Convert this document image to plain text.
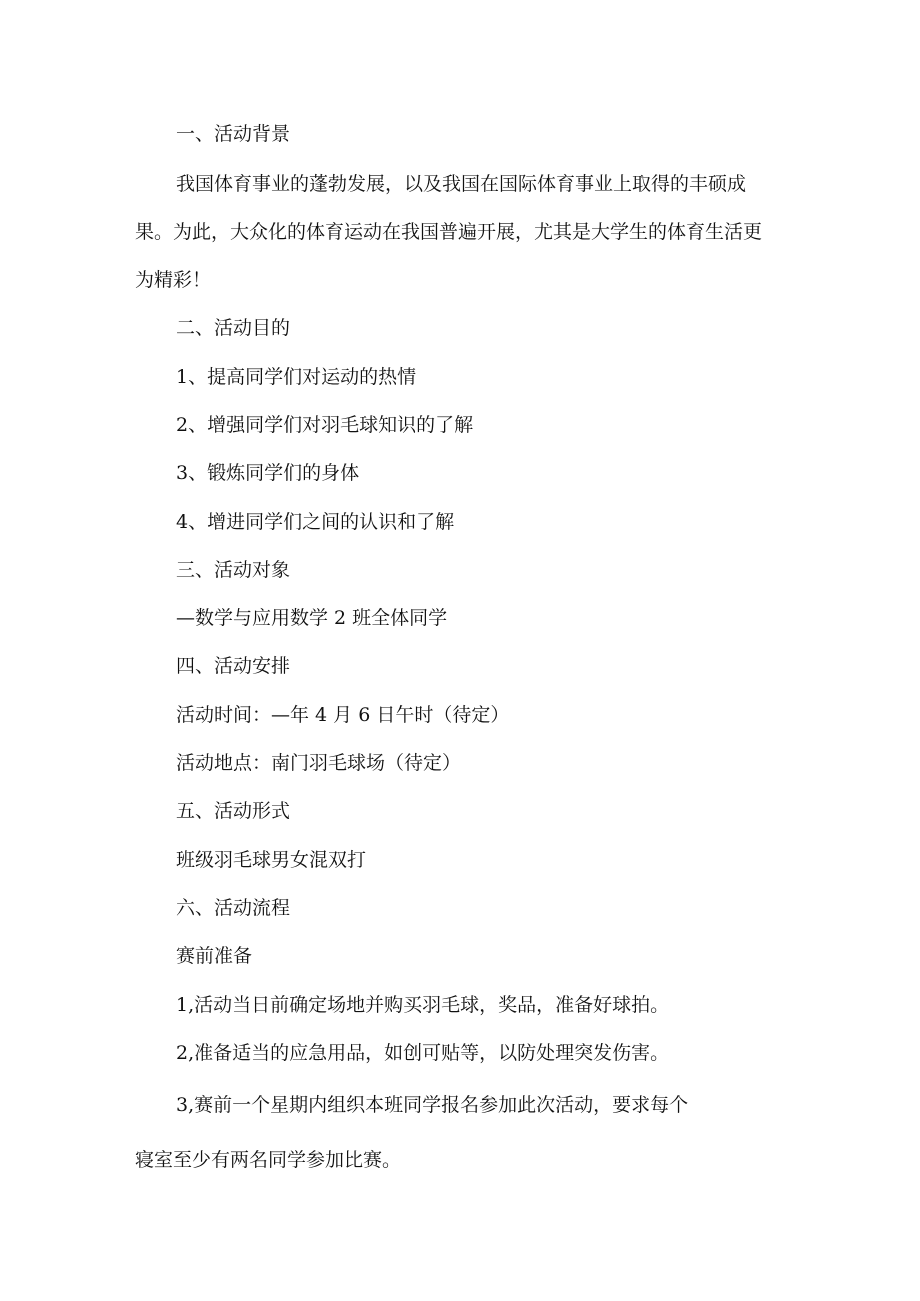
一、活动背景

我国体育事业的蓬勃发展，以及我国在国际体育事业上取得的丰硕成

果。为此，大众化的体育运动在我国普遍开展，尤其是大学生的体育生活更

为精彩！

二、活动目的

1、提高同学们对运动的热情

2、增强同学们对羽毛球知识的了解

3、锻炼同学们的身体

4、增进同学们之间的认识和了解

三、活动对象

—数学与应用数学 2 班全体同学

四、活动安排

活动时间：—年 4 月 6 日午时（待定）

活动地点：南门羽毛球场（待定）

五、活动形式

班级羽毛球男女混双打

六、活动流程

赛前准备

1,活动当日前确定场地并购买羽毛球，奖品，准备好球拍。

2,准备适当的应急用品，如创可贴等，以防处理突发伤害。

3,赛前一个星期内组织本班同学报名参加此次活动，要求每个

寝室至少有两名同学参加比赛。
